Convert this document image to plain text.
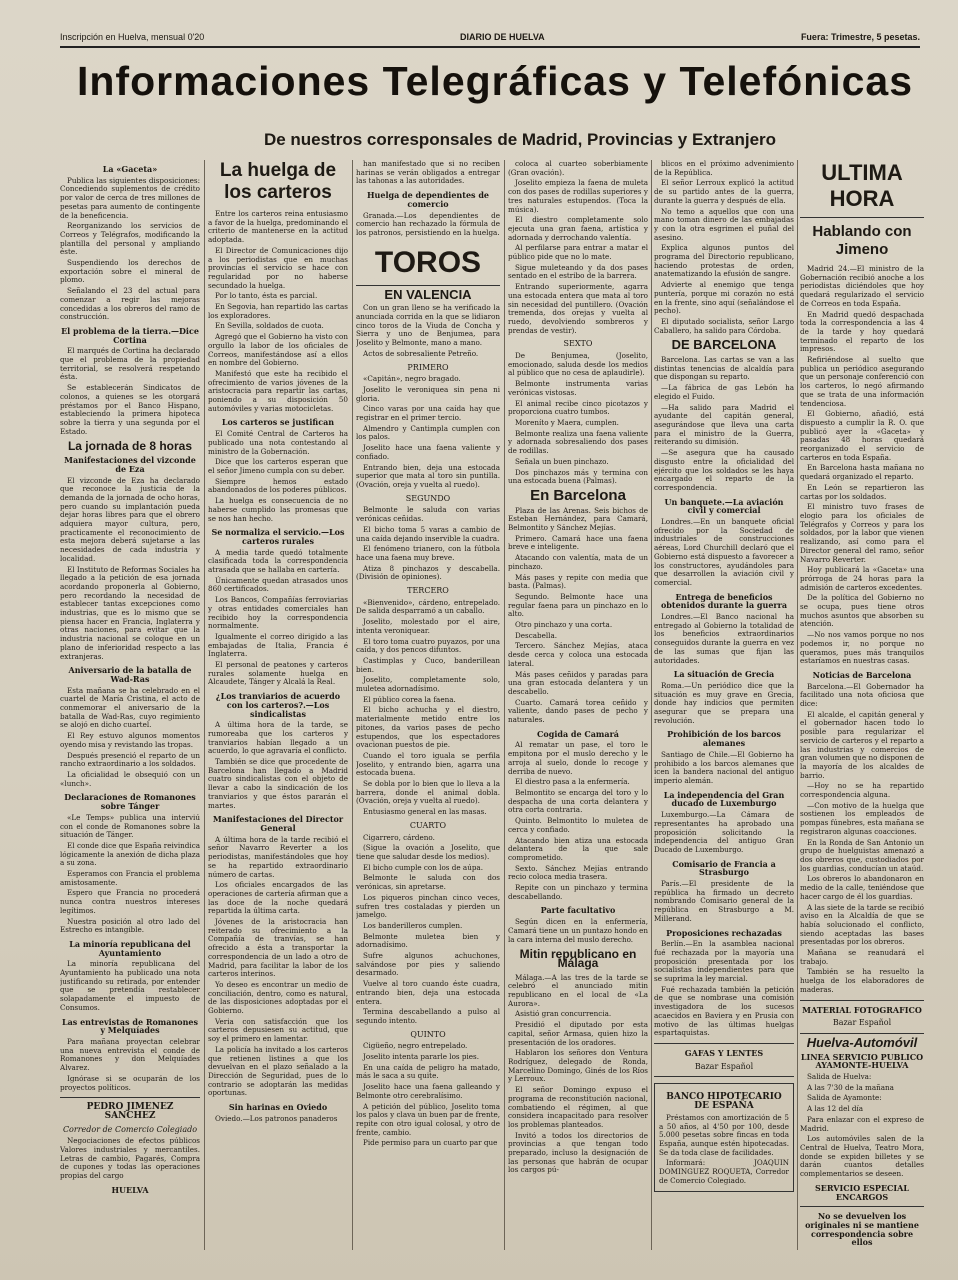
Inscripción en Huelva, mensual 0'20	DIARIO DE HUELVA	Fuera: Trimestre, 5 pesetas.
Informaciones Telegráficas y Telefónicas
De nuestros corresponsales de Madrid, Provincias y Extranjero
La «Gaceta»

Publica las siguientes disposiciones: Concediendo suplementos de crédito por valor de cerca de tres millones de pesetas para aumento de contingente de la beneficencia.

Reorganizando los servicios de Correos y Telégrafos, modificando la plantilla del personal y ampliando éste.

Suspendiendo los derechos de exportación sobre el mineral de plomo.

Señalando el 23 del actual para comenzar a regir las mejoras concedidas a los obreros del ramo de construcción.

El problema de la tierra.—Dice Cortina

El marqués de Cortina ha declarado que el problema de la propiedad territorial, se resolverá respetando ésta.

Se establecerán Sindicatos de colonos, a quienes se les otorgará préstamos por el Banco Hispano, estableciendo la primera hipoteca sobre la tierra y una segunda por el Estado.

La jornada de 8 horas
Manifestaciones del vizconde de Eza

El vizconde de Eza ha declarado que reconoce la justicia de la demanda de la jornada de ocho horas, pero cuando su implantación pueda dejar horas libres para que el obrero adquiera mayor cultura, pero, practicamente el reconocimiento de esta mejora deberá sujetarse a las necesidades de cada industria y localidad.

El Instituto de Reformas Sociales ha llegado a la petición de esa jornada acordando proponerla al Gobierno, pero recordando la necesidad de establecer tantas excepciones como industrias, que es lo mismo que se piensa hacer en Francia, Inglaterra y otras naciones, para evitar que la industria nacional se coloque en un plano de inferioridad respecto a las extranjeras.

Aniversario de la batalla de Wad-Ras

Esta mañana se ha celebrado en el cuartel de María Cristina, el acto de conmemorar el aniversario de la batalla de Wad-Ras, cuyo regimiento se alojó en dicho cuartel.

El Rey estuvo algunos momentos oyendo misa y revistando las tropas.

Después presenció el reparto de un rancho extraordinario a los soldados.

La oficialidad le obsequió con un «lunch».

Declaraciones de Romanones sobre Tánger

«Le Temps» publica una interviú con el conde de Romanones sobre la situación de Tánger.

El conde dice que España reivindica lógicamente la anexión de dicha plaza a su zona.

Esperamos con Francia el problema amistosamente.

Espero que Francia no procederá nunca contra nuestros intereses legítimos.

Nuestra posición al otro lado del Estrecho es intangible.

La minoría republicana del Ayuntamiento

La minoría republicana del Ayuntamiento ha publicado una nota justificando su retirada, por entender que se pretendía restablecer solapadamente el impuesto de Consumos.

Las entrevistas de Romanones y Melquíades

Para mañana proyectan celebrar una nueva entrevista el conde de Romanones y don Melquíades Alvarez.

Ignórase si se ocuparán de los proyectos políticos.

PEDRO JIMENEZ SANCHEZ
Corredor de Comercio Colegiado

Negociaciones de efectos públicos Valores industriales y mercantiles. Letras de cambio, Pagarés, Compra de cupones y todas las operaciones propias del cargo

HUELVA
La huelga de los carteros

Entre los carteros reina entusiasmo a favor de la huelga, predominando el criterio de mantenerse en la actitud adoptada.

El Director de Comunicaciones dijo a los periodistas que en muchas provincias el servicio se hace con regularidad por no haberse secundado la huelga.

Por lo tanto, ésta es parcial.

En Segovia, han repartido las cartas los exploradores.

En Sevilla, soldados de cuota.

Agregó que el Gobierno ha visto con orgullo la labor de los oficiales de Correos, manifestándose así a ellos en nombre del Gobierno.

Manifestó que este ha recibido el ofrecimiento de varios jóvenes de la aristocracia para repartir las cartas, poniendo a su disposición 50 automóviles y varias motocicletas.

Los carteros se justifican

El Comité Central de Carteros ha publicado una nota contestando al ministro de la Gobernación.

Dice que los carteros esperan que el señor Jimeno cumpla con su deber.

Siempre hemos estado abandonados de los poderes públicos.

La huelga es consecuencia de no haberse cumplido las promesas que se nos han hecho.

Se normaliza el servicio.—Los carteros rurales

A media tarde quedó totalmente clasificada toda la correspondencia atrasada que se hallaba en cartería.

Únicamente quedan atrasados unos 860 certificados.

Los Bancos, Compañías ferroviarias y otras entidades comerciales han recibido hoy la correspondencia normalmente.

Igualmente el correo dirigido a las embajadas de Italia, Francia é Inglaterra.

El personal de peatones y carteros rurales solamente huelga en Alcaudete, Tánger y Alcalá la Real.

¿Los tranviarios de acuerdo con los carteros?.—Los sindicalistas

A última hora de la tarde, se rumoreaba que los carteros y tranviarios habían llegado a un acuerdo, lo que agravaría el conflicto.

También se dice que procedente de Barcelona han llegado a Madrid cuatro sindicalistas con el objeto de llevar a cabo la sindicación de los tranviarios y que éstos pararán el martes.

Manifestaciones del Director General

A última hora de la tarde recibió el señor Navarro Reverter a los periodistas, manifestándoles que hoy se ha repartido extraordinario número de cartas.

Los oficiales encargados de las operaciones de cartería afirman que a las doce de la noche quedará repartida la última carta.

Jóvenes de la aristocracia han reiterado su ofrecimiento a la Compañía de tranvías, se han ofrecido a ésta a transportar la correspondencia de un lado a otro de Madrid, para facilitar la labor de los carteros interinos.

Yo deseo es encontrar un medio de conciliación, dentro, como es natural, de las disposiciones adoptadas por el Gobierno.

Veria con satisfacción que los carteros depusiesen su actitud, que soy el primero en lamentar.

La policía ha invitado a los carteros que retienen listines a que los devuelvan en el plazo señalado a la Dirección de Seguridad, pues de lo contrario se adoptarán las medidas oportunas.

Sin harinas en Oviedo

Oviedo.—Los patronos panaderos

han manifestado que si no reciben harinas se verán obligados a entregar las tahonas a las autoridades.

Huelga de dependientes de comercio

Granada.—Los dependientes de comercio han rechazado la fórmula de los patronos, persistiendo en la huelga.

TOROS
EN VALENCIA

Con un gran lleno se ha verificado la anunciada corrida en la que se lidiaron cinco toros de la Viuda de Concha y Sierra y uno de Benjumea, para Joselito y Belmonte, mano a mano.

Actos de sobresaliente Petreño.

PRIMERO

«Capitán», negro bragado.

Joselito le veroniquea sin pena ni gloria.

Cinco varas por una caída hay que registrar en el primer tercio.

Almendro y Cantimpla cumplen con los palos.

Joselito hace una faena valiente y confiado.

Entrando bien, deja una estocada superior que mata al toro sin puntilla. (Ovación, oreja y vuelta al ruedo).

SEGUNDO

Belmonte le saluda con varias verónicas ceñidas.

El bicho toma 5 varas a cambio de una caída dejando inservible la cuadra.

El fenómeno trianero, con la fútbola hace una faena muy breve.

Atiza 8 pinchazos y descabella. (División de opiniones).

TERCERO

«Bienvenido», cárdeno, entrepelado. De salida desparramó a un caballo.

Joselito, molestado por el aire, intenta veroniquear.

El toro toma cuatro puyazos, por una caída, y dos pencos difuntos.

Castimplas y Cuco, banderillean bien.

Joselito, completamente solo, muletea adornadísimo.

El público corea la faena.

El bicho achucha y el diestro, materialmente metido entre los pitones, da varios pases de pecho estupendos, que los espectadores ovacionan puestos de pie.

Cuando el toro iguala se perfila Joselito, y entrando bien, agarra una estocada buena.

Se dobla por lo bien que lo lleva a la barrera, donde el animal dobla. (Ovación, oreja y vuelta al ruedo).

Entusiasmo general en las masas.

CUARTO

Cigarrero, cárdeno.

(Sigue la ovación a Joselito, que tiene que saludar desde los medios).

El bicho cumple con los de aúpa.

Belmonte le saluda con dos verónicas, sin apretarse.

Los piqueros pinchan cinco veces, sufren tres costaladas y pierden un jamelgo.

Los banderilleros cumplen.

Belmonte muletea bien y adornadísimo.

Sufre algunos achuchones, salvándose por pies y saliendo desarmado.

Vuelve al toro cuando éste cuadra, entrando bien, deja una estocada entera.

Termina descabellando a pulso al segundo intento.

QUINTO

Cigüeño, negro entrepelado.

Joselito intenta pararle los pies.

En una caída de peligro ha matado, más le saca a su quite.

Joselito hace una faena galleando y Belmonte otro cerebralísimo.

A petición del público, Joselito toma los palos y clava un buen par de frente, repite con otro igual colosal, y otro de frente, cambio.

Pide permiso para un cuarto par que

coloca al cuarteo soberbiamente (Gran ovación).

Joselito empieza la faena de muleta con dos pases de rodillas superiores y tres naturales estupendos. (Toca la música).

El diestro completamente solo ejecuta una gran faena, artística y adornada y derrochando valentía.

Al perfilarse para entrar a matar el público pide que no lo mate.

Sigue muleteando y da dos pases sentado en el estribo de la barrera.

Entrando superiormente, agarra una estocada entera que mata al toro sin necesidad del puntillero. (Ovación tremenda, dos orejas y vuelta al ruedo, devolviendo sombreros y prendas de vestir).

SEXTO

De Benjumea, (Joselito, emocionado, saluda desde los medios al público que no cesa de aplaudirle).

Belmonte instrumenta varias verónicas vistosas.

El animal recibe cinco picotazos y proporciona cuatro tumbos.

Moreníto y Maera, cumplen.

Belmonte realiza una faena valiente y adornada sobresaliendo dos pases de rodillas.

Señala un buen pinchazo.

Dos pinchazos más y termina con una estocada buena (Palmas).

En Barcelona

Plaza de las Arenas. Seis bichos de Esteban Hernández, para Camará, Belmontito y Sánchez Mejías.

Primero. Camará hace una faena breve e inteligente.

Atacando con valentía, mata de un pinchazo.

Más pases y repite con media que basta. (Palmas).

Segundo. Belmonte hace una regular faena para un pinchazo en lo alto.

Otro pinchazo y una corta.

Descabella.

Tercero. Sánchez Mejías, ataca desde cerca y coloca una estocada lateral.

Más pases ceñidos y paradas para una gran estocada delantera y un descabello.

Cuarto. Camará torea ceñido y valiente, dando pases de pecho y naturales.

Cogida de Camará

Al rematar un pase, el toro le empitona por el muslo derecho y le arroja al suelo, donde lo recoge y derriba de nuevo.

El diestro pasa a la enfermería.

Belmontito se encarga del toro y lo despacha de una corta delantera y otra corta contraria.

Quinto. Belmontito lo muletea de cerca y confiado.

Atacando bien atiza una estocada delantera de la que sale comprometido.

Sexto. Sánchez Mejías entrando recio coloca media trasera.

Repite con un pinchazo y termina descabellando.

Parte facultativo

Según dicen en la enfermería, Camará tiene un un puntazo hondo en la cara interna del muslo derecho.

Mitin republicano en Málaga

Málaga.—A las tres de la tarde se celebró el anunciado mitin republicano en el local de «La Aurora».

Asistió gran concurrencia.

Presidió el diputado por esta capital, señor Armasa, quien hizo la presentación de los oradores.

Hablaron los señores don Ventura Rodríguez, delegado de Ronda, Marcelino Domingo, Ginés de los Ríos y Lerroux.

El señor Domingo expuso el programa de reconstitución nacional, combatiendo el régimen, al que considera incapacitado para resolver los problemas planteados.

Invitó a todos los directorios de provincias a que tengan todo preparado, incluso la designación de las personas que habrán de ocupar los cargos pú-

blicos en el próximo advenimiento de la República.

El señor Lerroux explicó la actitud de su partido antes de la guerra, durante la guerra y después de ella.

No temo a aquellos que con una mano toman dinero de las embajadas y con la otra esgrimen el puñal del asesino.

Explica algunos puntos del programa del Directorio republicano, haciendo protestas de orden, anatematizando la efusión de sangre.

Advierte al enemigo que tenga puntería, porque mi corazón no está en la frente, sino aquí (señalándose el pecho).

El diputado socialista, señor Largo Caballero, ha salido para Córdoba.

DE BARCELONA

Barcelona. Las cartas se van a las distintas tenencias de alcaldía para que dispongan su reparto.

—La fábrica de gas Lebón ha elegido el Fuido.

—Ha salido para Madrid el ayudante del capitán general, asegurándose que lleva una carta para el ministro de la Guerra, reiterando su dimisión.

—Se asegura que ha causado disgusto entre la oficialidad del ejército que los soldados se les haya encargado el reparto de la correspondencia.

Un banquete.—La aviación civil y comercial

Londres.—En un banquete oficial ofrecido por la Sociedad de industriales de construcciones aéreas, Lord Churchill declaró que el Gobierno está dispuesto a favorecer a los constructores, ayudándoles para que desarrollen la aviación civil y comercial.

Entrega de beneficios obtenidos durante la guerra

Londres.—El Banco nacional ha entregado al Gobierno la totalidad de los beneficios extraordinarios conseguidos durante la guerra en vez de las sumas que fijan las autoridades.

La situación de Grecia

Roma.—Un periódico dice que la situación es muy grave en Grecia, donde hay indicios que permiten asegurar que se prepara una revolución.

Prohibición de los barcos alemanes

Santiago de Chile.—El Gobierno ha prohibido a los barcos alemanes que icen la bandera nacional del antiguo imperio alemán.

La independencia del Gran ducado de Luxemburgo

Luxemburgo.—La Cámara de representantes ha aprobado una proposición solicitando la independencia del antiguo Gran Ducado de Luxemburgo.

Comisario de Francia a Strasburgo

París.—El presidente de la república ha firmado un decreto nombrando Comisario general de la república en Strasburgo a M. Millerand.

Proposiciones rechazadas

Berlín.—En la asamblea nacional fué rechazada por la mayoría una proposición presentada por los socialistas independientes para que se suprima la ley marcial.

Fué rechazada también la petición de que se nombrase una comisión investigadora de los sucesos acaecidos en Baviera y en Prusia con motivo de las últimas huelgas espartaquistas.

GAFAS Y LENTES
Bazar Español
BANCO HIPOTECARIO DE ESPAÑA

Préstamos con amortización de 5 a 50 años, al 4'50 por 100, desde 5.000 pesetas sobre fincas en toda España, aunque estén hipotecadas. Se da toda clase de facilidades.

Informará: JOAQUIN DOMINGUEZ ROQUETA, Corredor de Comercio Colegiado.

ULTIMA HORA
Hablando con Jimeno

Madrid 24.—El ministro de la Gobernación recibió anoche a los periodistas diciéndoles que hoy quedará regularizado el servicio de Correos en toda España.

En Madrid quedó despachada toda la correspondencia a las 4 de la tarde y hoy quedará terminado el reparto de los impresos.

Refiriéndose al suelto que publica un periódico asegurando que un personaje conferenció con los carteros, lo negó afirmando que se trata de una información tendenciosa.

El Gobierno, añadió, está dispuesto a cumplir la R. O. que publicó ayer la «Gaceta» y pasadas 48 horas quedará reorganizado el servicio de carteros en toda España.

En Barcelona hasta mañana no quedará organizado el reparto.

En León se repartieron las cartas por los soldados.

El ministro tuvo frases de elogio para los oficiales de Telégrafos y Correos y para los soldados, por la labor que vienen realizando, así como para el Director general del ramo, señor Navarro Reverter.

Hoy publicará la «Gaceta» una prórroga de 24 horas para la admisión de carteros excedentes.

De la política del Gobierno no se ocupa, pues tiene otros muchos asuntos que absorben su atención.

—No nos vamos porque no nos podemos ir, no porque no queramos, pues más tranquilos estaríamos en nuestras casas.

Noticias de Barcelona

Barcelona.—El Gobernador ha facilitado una nota oficiosa que dice:

El alcalde, el capitán general y el gobernador hacen todo lo posible para regularizar el servicio de carteros y el reparto a las industrias y comercios de gran volumen que no disponen de la mayoría de los alcaldes de barrio.

—Hoy no se ha repartido correspondencia alguna.

—Con motivo de la huelga que sostienen los empleados de pompas fúnebres, esta mañana se registraron algunas coacciones.

En la Ronda de San Antonio un grupo de huelguistas amenazó a dos obreros que, custodiados por los guardias, conducían un ataúd.

Los obreros lo abandonaron en medio de la calle, teniéndose que hacer cargo de él los guardias.

A las siete de la tarde se recibió aviso en la Alcaldía de que se había solucionado el conflicto, siendo aceptadas las bases presentadas por los obreros.

Mañana se reanudará el trabajo.

También se ha resuelto la huelga de los elaboradores de maderas.

MATERIAL FOTOGRAFICO
Bazar Español
Huelva-Automóvil
LINEA SERVICIO PUBLICO AYAMONTE-HUELVA

Salida de Huelva:

A las 7'30 de la mañana

Salida de Ayamonte:

A las 12 del día

Para enlazar con el expreso de Madrid.

Los automóviles salen de la Central de Huelva, Teatro Mora, donde se expiden billetes y se darán cuantos detalles complementarios se deseen.

SERVICIO ESPECIAL ENCARGOS
No se devuelven los originales ni se mantiene correspondencia sobre ellos
